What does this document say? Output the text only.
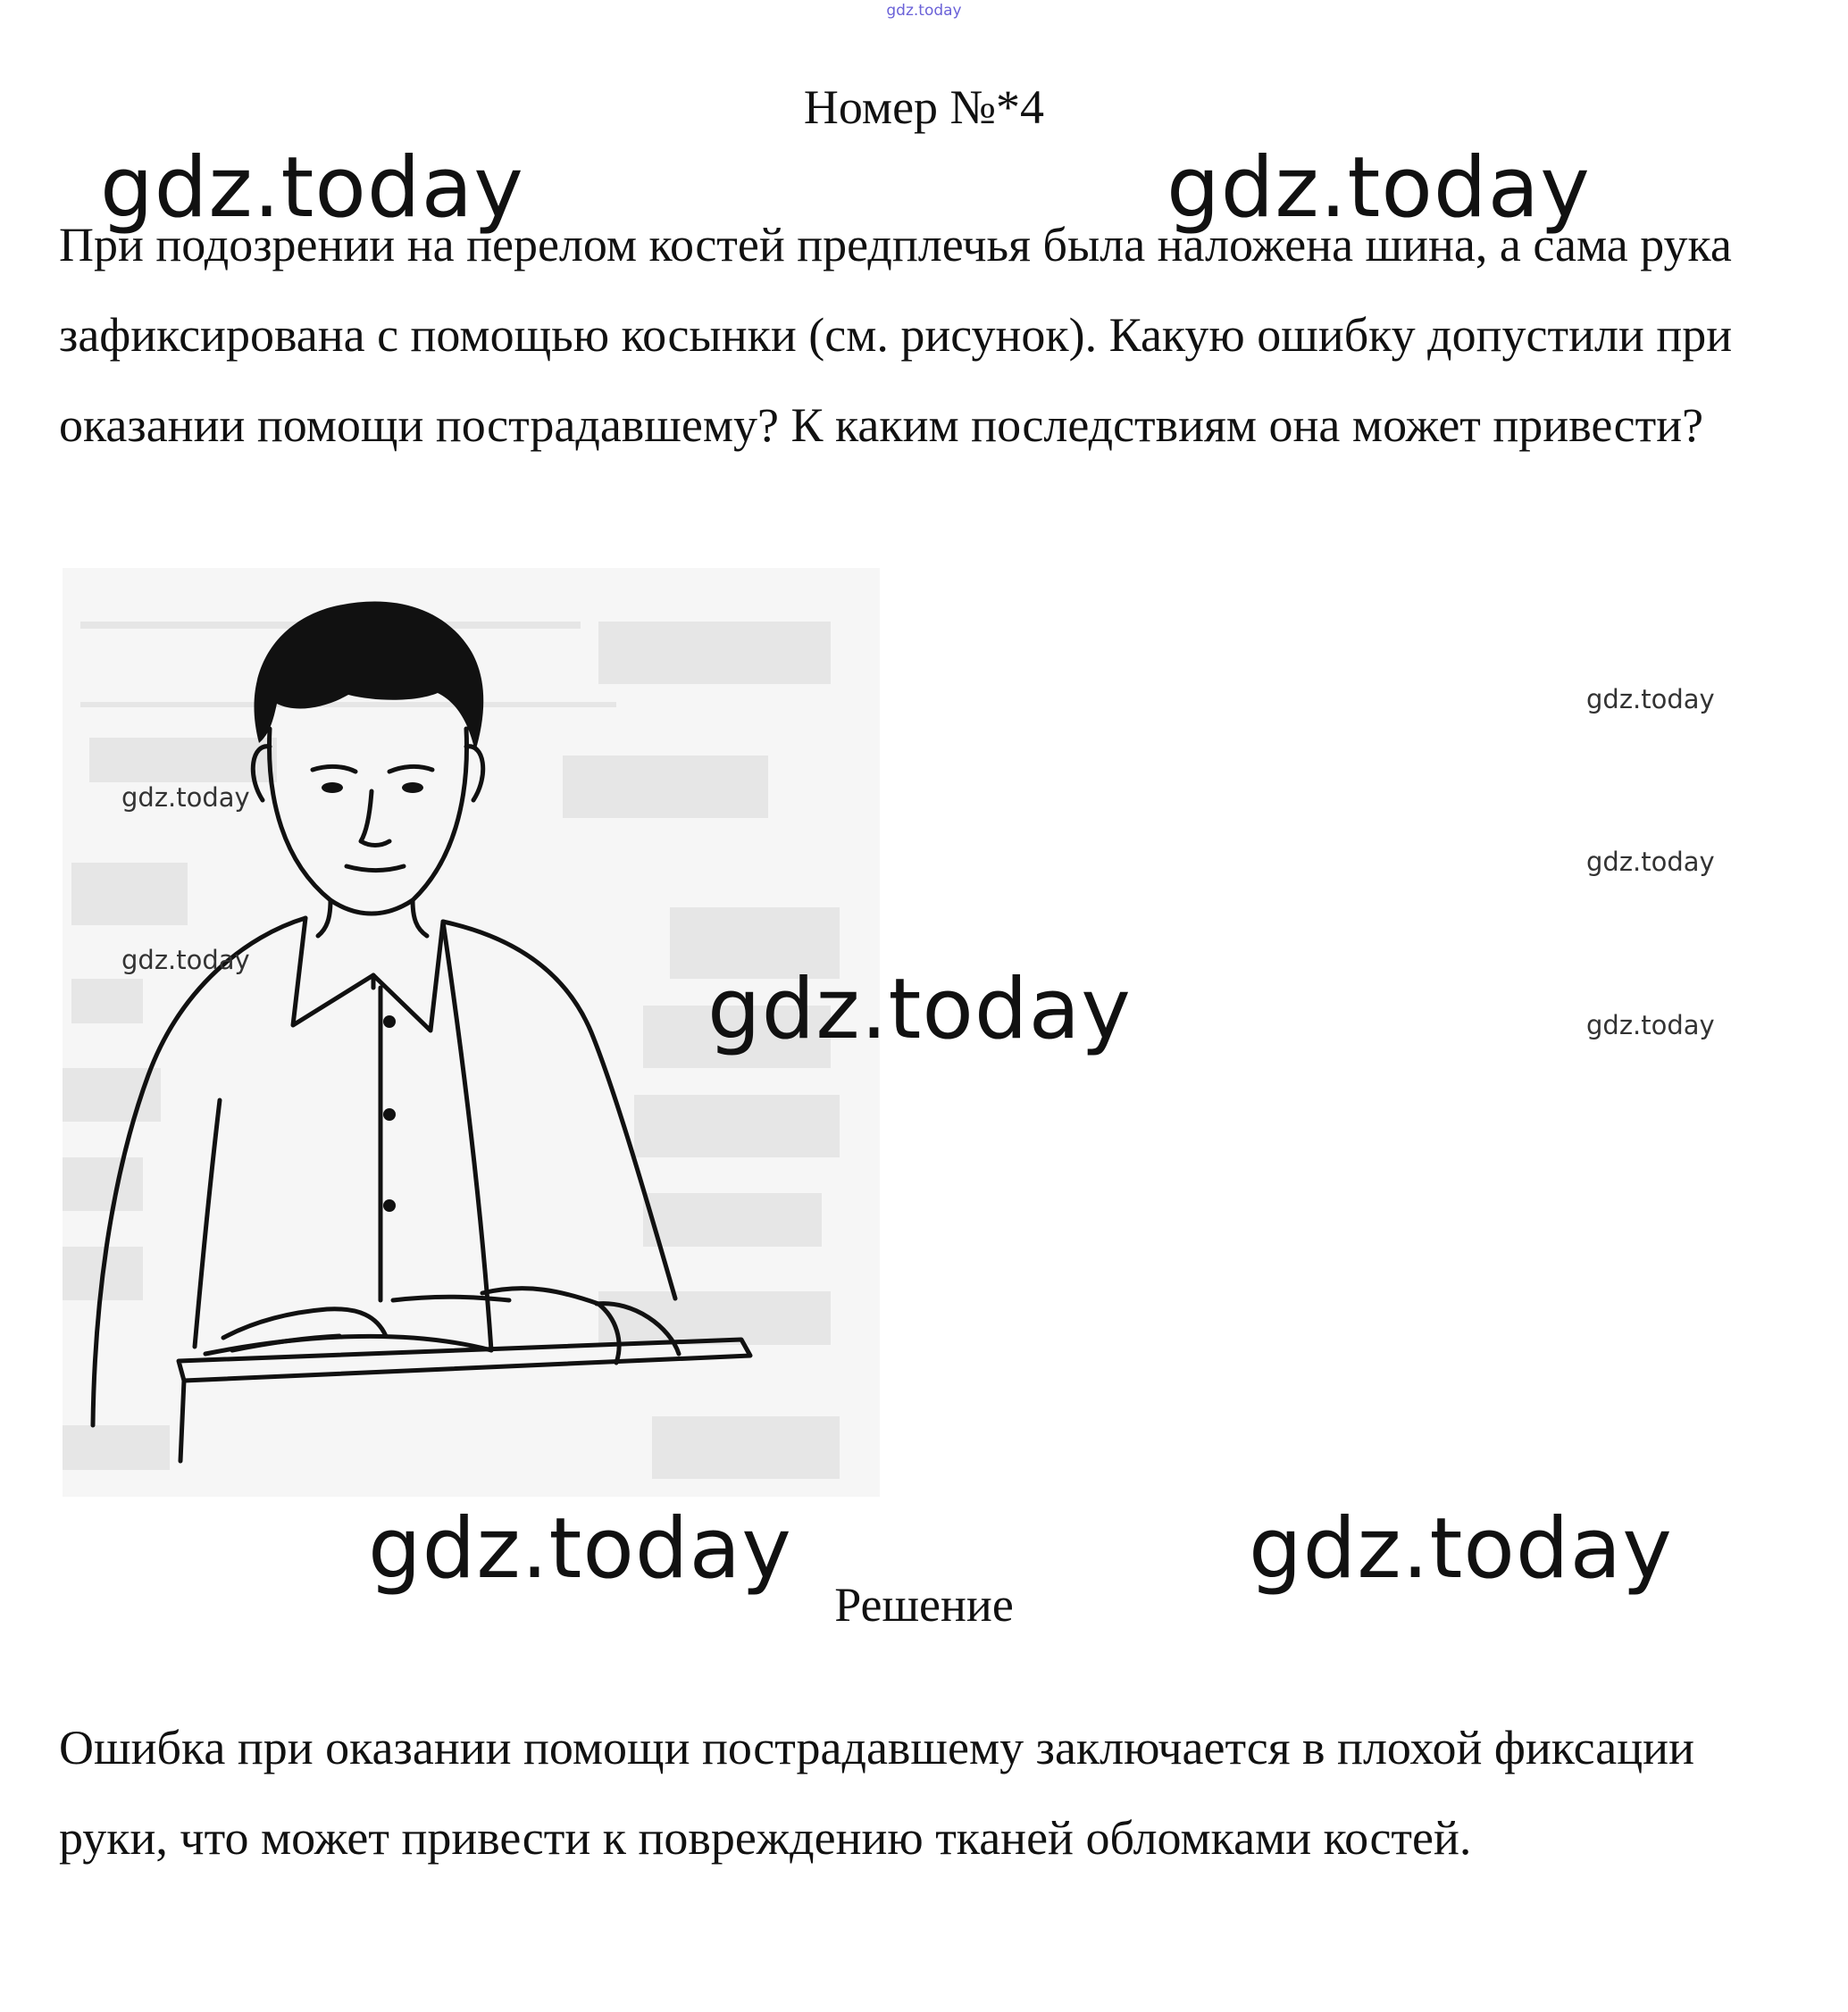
gdz.today
Номер №*4

При подозрении на перелом костей предплечья была наложена шина, а сама рука зафиксирована с помощью косынки (см. рисунок). Какую ошибку допустили при оказании помощи пострадавшему? К каким последствиям она может привести?

Решение

Ошибка при оказании помощи пострадавшему заключается в плохой фиксации руки, что может привести к повреждению тканей обломками костей.

gdz.today	gdz.today
gdz.today
gdz.today	gdz.today
gdz.today
gdz.today
gdz.today
gdz.today
gdz.today
